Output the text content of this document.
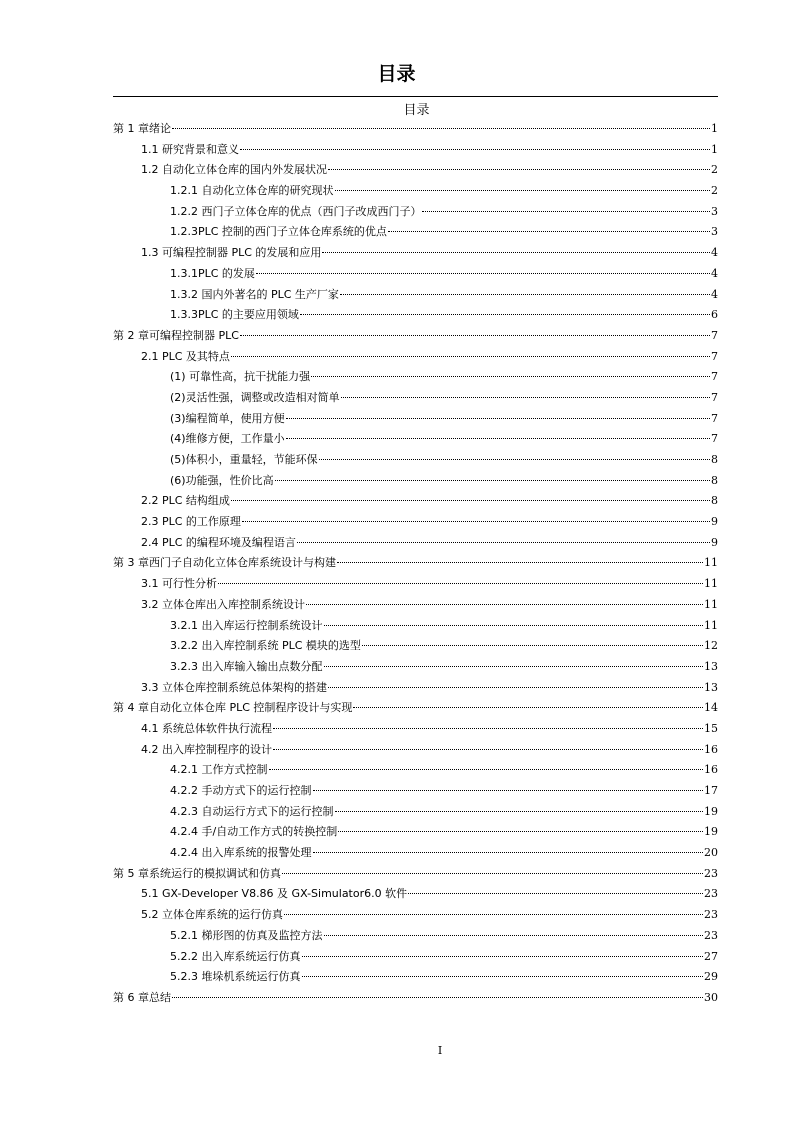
目录
目录
第 1 章绪论	1
1.1 研究背景和意义	1
1.2 自动化立体仓库的国内外发展状况	2
1.2.1 自动化立体仓库的研究现状	2
1.2.2 西门子立体仓库的优点（西门子改成西门子）	3
1.2.3PLC 控制的西门子立体仓库系统的优点	3
1.3 可编程控制器 PLC 的发展和应用	4
1.3.1PLC 的发展	4
1.3.2 国内外著名的 PLC 生产厂家	4
1.3.3PLC 的主要应用领域	6
第 2 章可编程控制器 PLC	7
2.1 PLC 及其特点	7
(1) 可靠性高，抗干扰能力强	7
(2)灵活性强，调整或改造相对简单	7
(3)编程简单，使用方便	7
(4)维修方便，工作量小	7
(5)体积小，重量轻，节能环保	8
(6)功能强，性价比高	8
2.2 PLC 结构组成	8
2.3 PLC 的工作原理	9
2.4 PLC 的编程环境及编程语言	9
第 3 章西门子自动化立体仓库系统设计与构建	11
3.1 可行性分析	11
3.2 立体仓库出入库控制系统设计	11
3.2.1 出入库运行控制系统设计	11
3.2.2 出入库控制系统 PLC 模块的选型	12
3.2.3 出入库输入输出点数分配	13
3.3 立体仓库控制系统总体架构的搭建	13
第 4 章自动化立体仓库 PLC 控制程序设计与实现	14
4.1 系统总体软件执行流程	15
4.2 出入库控制程序的设计	16
4.2.1 工作方式控制	16
4.2.2 手动方式下的运行控制	17
4.2.3 自动运行方式下的运行控制	19
4.2.4 手/自动工作方式的转换控制	19
4.2.4 出入库系统的报警处理	20
第 5 章系统运行的模拟调试和仿真	23
5.1 GX-Developer V8.86 及 GX-Simulator6.0 软件	23
5.2 立体仓库系统的运行仿真	23
5.2.1 梯形图的仿真及监控方法	23
5.2.2 出入库系统运行仿真	27
5.2.3 堆垛机系统运行仿真	29
第 6 章总结	30
I
